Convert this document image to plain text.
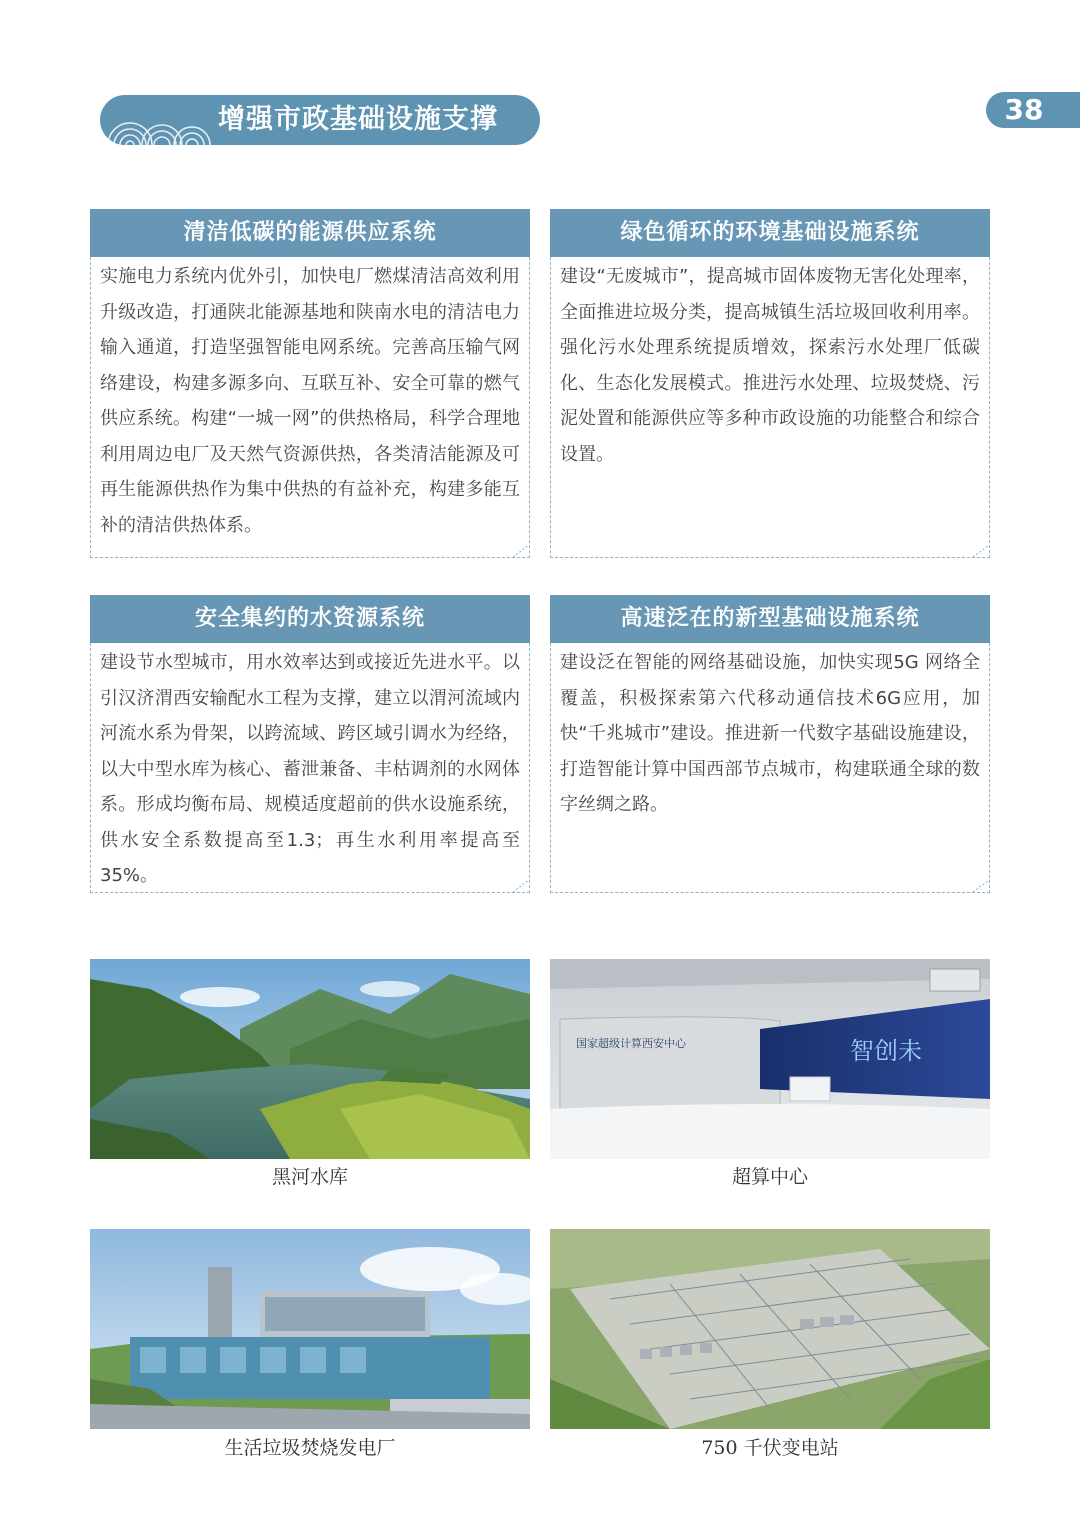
增强市政基础设施支撑	38
清洁低碳的能源供应系统
实施电力系统内优外引，加快电厂燃煤清洁高效利用升级改造，打通陕北能源基地和陕南水电的清洁电力输入通道，打造坚强智能电网系统。完善高压输气网络建设，构建多源多向、互联互补、安全可靠的燃气供应系统。构建“一城一网”的供热格局，科学合理地利用周边电厂及天然气资源供热，各类清洁能源及可再生能源供热作为集中供热的有益补充，构建多能互补的清洁供热体系。
绿色循环的环境基础设施系统
建设“无废城市”，提高城市固体废物无害化处理率，全面推进垃圾分类，提高城镇生活垃圾回收利用率。强化污水处理系统提质增效，探索污水处理厂低碳化、生态化发展模式。推进污水处理、垃圾焚烧、污泥处置和能源供应等多种市政设施的功能整合和综合设置。
安全集约的水资源系统
建设节水型城市，用水效率达到或接近先进水平。以引汉济渭西安输配水工程为支撑，建立以渭河流域内河流水系为骨架，以跨流域、跨区域引调水为经络，以大中型水库为核心、蓄泄兼备、丰枯调剂的水网体系。形成均衡布局、规模适度超前的供水设施系统，供水安全系数提高至1.3；再生水利用率提高至 35%。
高速泛在的新型基础设施系统
建设泛在智能的网络基础设施，加快实现5G 网络全覆盖，积极探索第六代移动通信技术6G应用，加快“千兆城市”建设。推进新一代数字基础设施建设，打造智能计算中国西部节点城市，构建联通全球的数字丝绸之路。
黑河水库
国家超级计算西安中心	智创未
超算中心
生活垃圾焚烧发电厂	750 千伏变电站
